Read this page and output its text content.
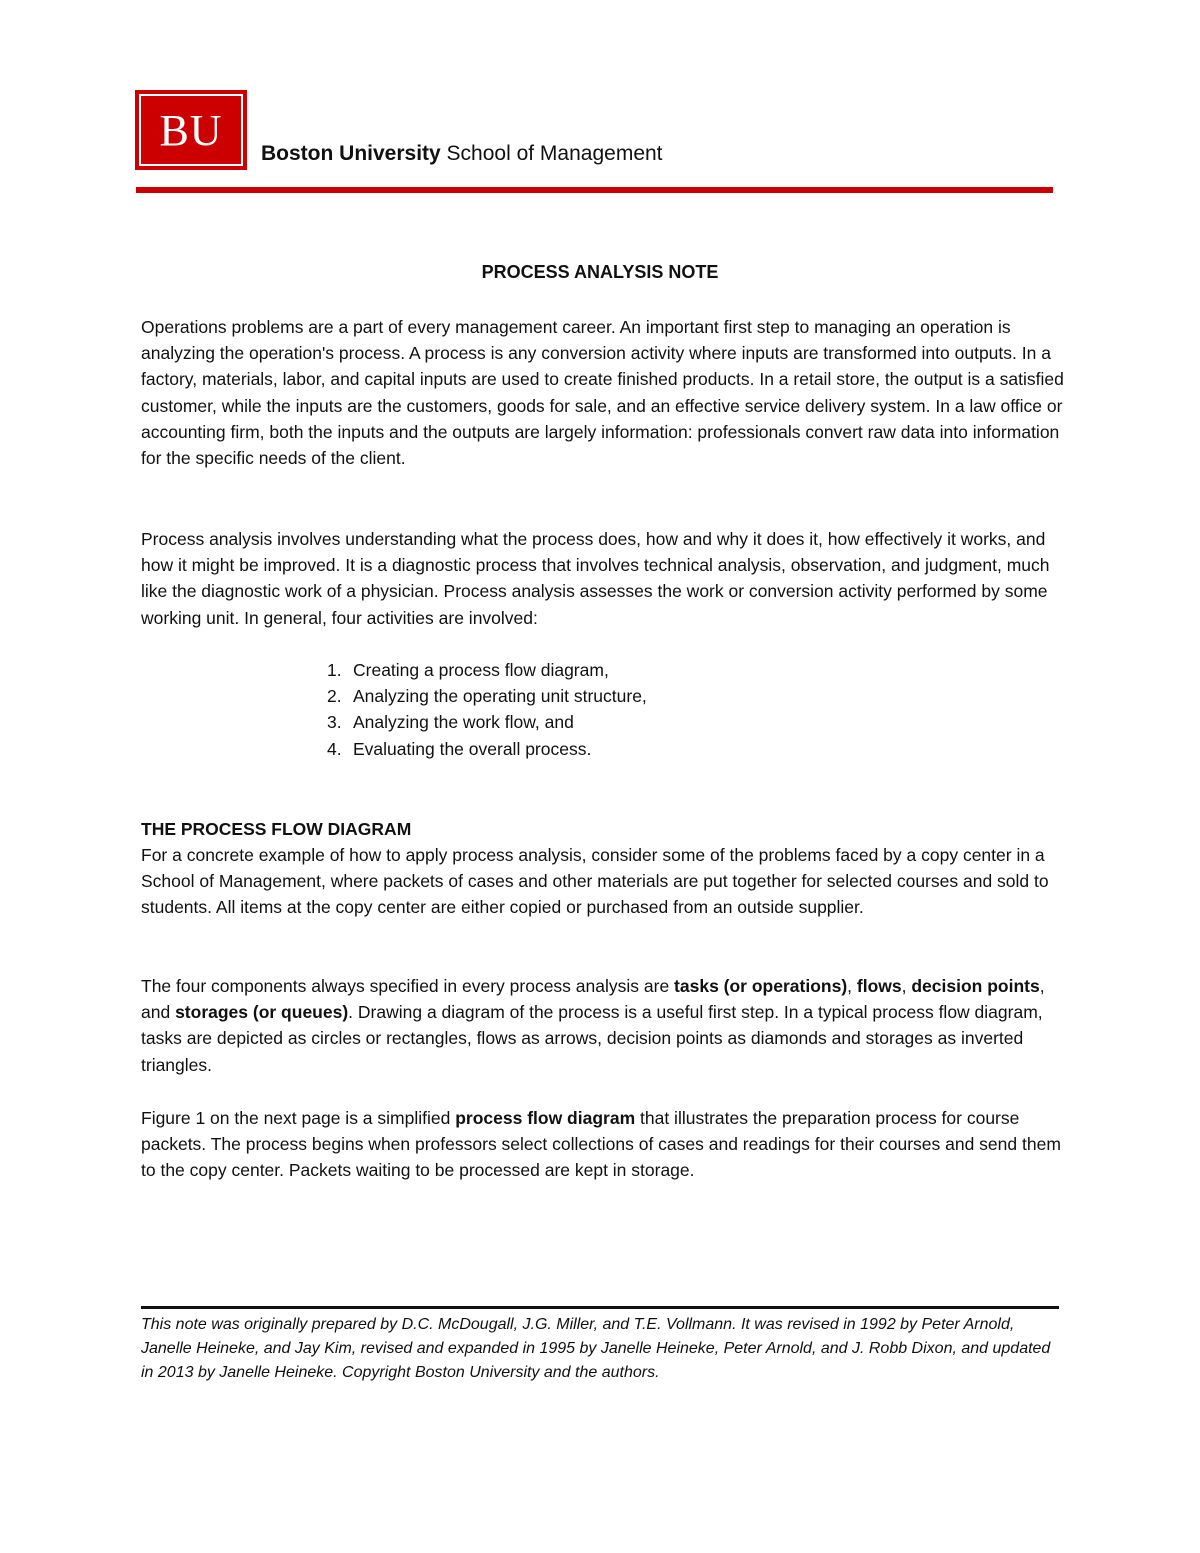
BU	Boston University School of Management
PROCESS ANALYSIS NOTE

Operations problems are a part of every management career. An important first step to managing an operation is analyzing the operation's process. A process is any conversion activity where inputs are transformed into outputs. In a factory, materials, labor, and capital inputs are used to create finished products. In a retail store, the output is a satisfied customer, while the inputs are the customers, goods for sale, and an effective service delivery system. In a law office or accounting firm, both the inputs and the outputs are largely information: professionals convert raw data into information for the specific needs of the client.

Process analysis involves understanding what the process does, how and why it does it, how effectively it works, and how it might be improved. It is a diagnostic process that involves technical analysis, observation, and judgment, much like the diagnostic work of a physician. Process analysis assesses the work or conversion activity performed by some working unit. In general, four activities are involved:

1. Creating a process flow diagram,
2. Analyzing the operating unit structure,
3. Analyzing the work flow, and
4. Evaluating the overall process.
THE PROCESS FLOW DIAGRAM

For a concrete example of how to apply process analysis, consider some of the problems faced by a copy center in a School of Management, where packets of cases and other materials are put together for selected courses and sold to students. All items at the copy center are either copied or purchased from an outside supplier.

The four components always specified in every process analysis are tasks (or operations), flows, decision points, and storages (or queues). Drawing a diagram of the process is a useful first step. In a typical process flow diagram, tasks are depicted as circles or rectangles, flows as arrows, decision points as diamonds and storages as inverted triangles.

Figure 1 on the next page is a simplified process flow diagram that illustrates the preparation process for course packets. The process begins when professors select collections of cases and readings for their courses and send them to the copy center. Packets waiting to be processed are kept in storage.

This note was originally prepared by D.C. McDougall, J.G. Miller, and T.E. Vollmann. It was revised in 1992 by Peter Arnold, Janelle Heineke, and Jay Kim, revised and expanded in 1995 by Janelle Heineke, Peter Arnold, and J. Robb Dixon, and updated in 2013 by Janelle Heineke. Copyright Boston University and the authors.
